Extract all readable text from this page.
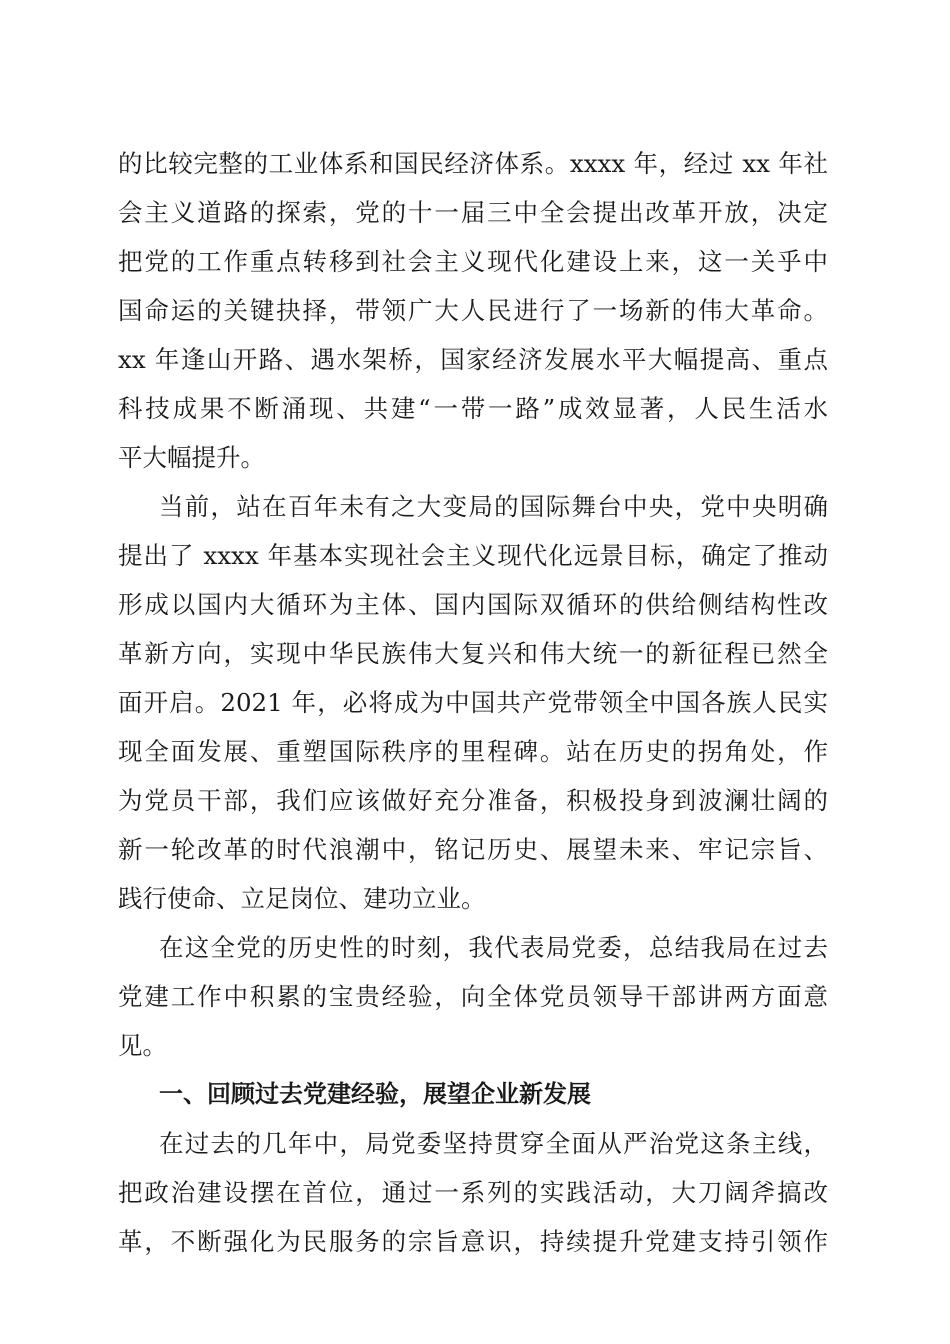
的比较完整的工业体系和国民经济体系。xxxx 年，经过 xx 年社
会主义道路的探索，党的十一届三中全会提出改革开放，决定
把党的工作重点转移到社会主义现代化建设上来，这一关乎中
国命运的关键抉择，带领广大人民进行了一场新的伟大革命。
xx 年逢山开路、遇水架桥，国家经济发展水平大幅提高、重点
科技成果不断涌现、共建“一带一路”成效显著，人民生活水
平大幅提升。
当前，站在百年未有之大变局的国际舞台中央，党中央明确
提出了 xxxx 年基本实现社会主义现代化远景目标，确定了推动
形成以国内大循环为主体、国内国际双循环的供给侧结构性改
革新方向，实现中华民族伟大复兴和伟大统一的新征程已然全
面开启。2021 年，必将成为中国共产党带领全中国各族人民实
现全面发展、重塑国际秩序的里程碑。站在历史的拐角处，作
为党员干部，我们应该做好充分准备，积极投身到波澜壮阔的
新一轮改革的时代浪潮中，铭记历史、展望未来、牢记宗旨、
践行使命、立足岗位、建功立业。
在这全党的历史性的时刻，我代表局党委，总结我局在过去
党建工作中积累的宝贵经验，向全体党员领导干部讲两方面意
见。
一、回顾过去党建经验，展望企业新发展
在过去的几年中，局党委坚持贯穿全面从严治党这条主线，
把政治建设摆在首位，通过一系列的实践活动，大刀阔斧搞改
革，不断强化为民服务的宗旨意识，持续提升党建支持引领作
